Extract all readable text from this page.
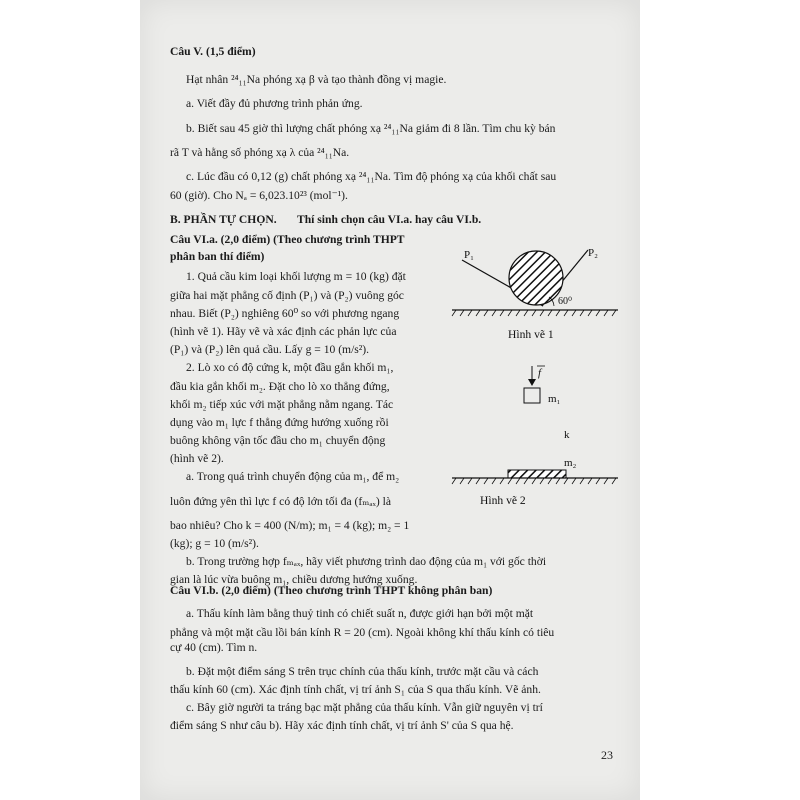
Câu V. (1,5 điểm)
Hạt nhân ²⁴₁₁Na phóng xạ β và tạo thành đồng vị magie.
a. Viết đầy đủ phương trình phản ứng.
b. Biết sau 45 giờ thì lượng chất phóng xạ ²⁴₁₁Na giảm đi 8 lần. Tìm chu kỳ bán
rã T và hằng số phóng xạ λ của ²⁴₁₁Na.
c. Lúc đầu có 0,12 (g) chất phóng xạ ²⁴₁₁Na. Tìm độ phóng xạ của khối chất sau
60 (giờ). Cho Nₐ = 6,023.10²³ (mol⁻¹).
B. PHẦN TỰ CHỌN. Thí sinh chọn câu VI.a. hay câu VI.b.
Câu VI.a. (2,0 điểm) (Theo chương trình THPT
phân ban thí điểm)
1. Quả cầu kim loại khối lượng m = 10 (kg) đặt
giữa hai mặt phẳng cố định (P₁) và (P₂) vuông góc
nhau. Biết (P₂) nghiêng 60⁰ so với phương ngang
(hình vẽ 1). Hãy vẽ và xác định các phản lực của
(P₁) và (P₂) lên quả cầu. Lấy g = 10 (m/s²).
2. Lò xo có độ cứng k, một đầu gắn khối m₁,
đầu kia gắn khối m₂. Đặt cho lò xo thẳng đứng,
khối m₂ tiếp xúc với mặt phẳng nằm ngang. Tác
dụng vào m₁ lực f thẳng đứng hướng xuống rồi
buông không vận tốc đầu cho m₁ chuyển động
(hình vẽ 2).
a. Trong quá trình chuyển động của m₁, để m₂
luôn đứng yên thì lực f có độ lớn tối đa (fₘₐₓ) là
bao nhiêu? Cho k = 400 (N/m); m₁ = 4 (kg); m₂ = 1
(kg); g = 10 (m/s²).
b. Trong trường hợp fₘₐₓ, hãy viết phương trình dao động của m₁ với gốc thời
gian là lúc vừa buông m₁, chiều dương hướng xuống.
P₁	P₂
60⁰
Hình vẽ 1
f
m₁
k
m₂
Hình vẽ 2
Câu VI.b. (2,0 điểm) (Theo chương trình THPT không phân ban)
a. Thấu kính làm bằng thuỷ tinh có chiết suất n, được giới hạn bởi một mặt
phẳng và một mặt cầu lồi bán kính R = 20 (cm). Ngoài không khí thấu kính có tiêu
cự 40 (cm). Tìm n.
b. Đặt một điểm sáng S trên trục chính của thấu kính, trước mặt cầu và cách
thấu kính 60 (cm). Xác định tính chất, vị trí ảnh S₁ của S qua thấu kính. Vẽ ảnh.
c. Bây giờ người ta tráng bạc mặt phẳng của thấu kính. Vẫn giữ nguyên vị trí
điểm sáng S như câu b). Hãy xác định tính chất, vị trí ảnh S' của S qua hệ.
23
